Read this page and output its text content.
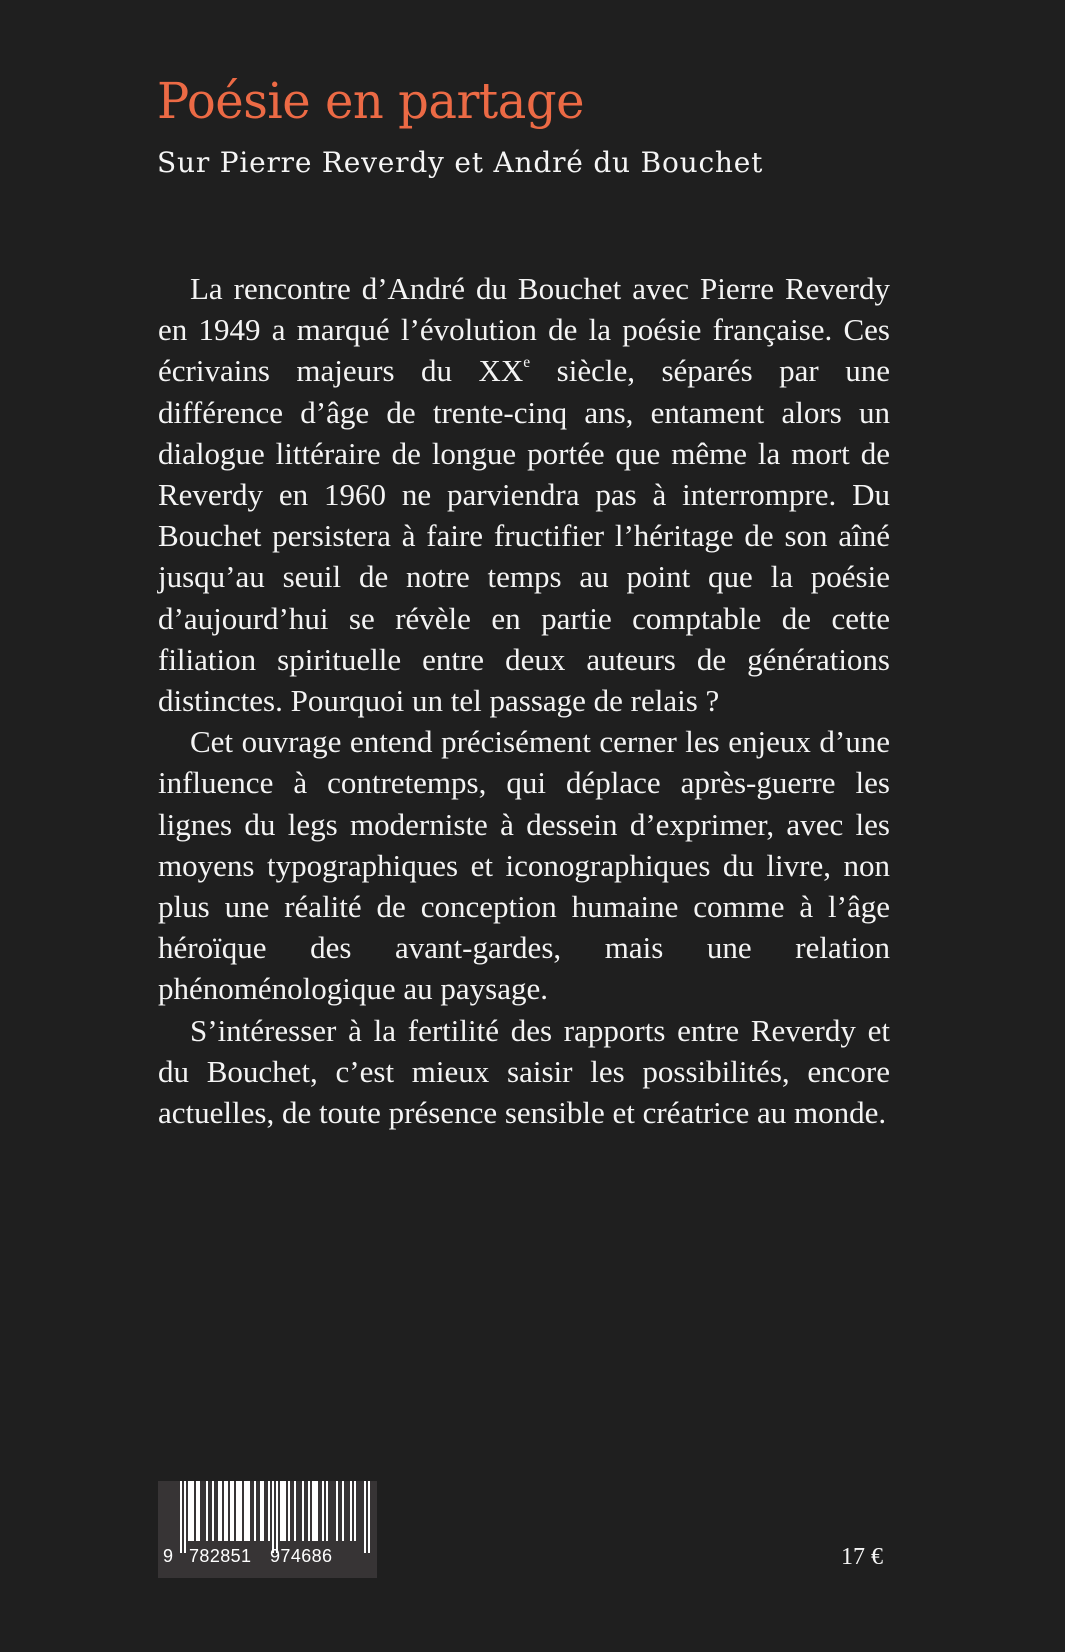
Poésie en partage
Sur Pierre Reverdy et André du Bouchet

La rencontre d’André du Bouchet avec Pierre Reverdy en 1949 a marqué l’évolution de la poésie française. Ces écrivains majeurs du XXe siècle, séparés par une différence d’âge de trente-cinq ans, entament alors un dialogue littéraire de longue portée que même la mort de Reverdy en 1960 ne parviendra pas à interrompre. Du Bouchet persistera à faire fructifier l’héritage de son aîné jusqu’au seuil de notre temps au point que la poésie d’aujourd’hui se révèle en partie comptable de cette filiation spirituelle entre deux auteurs de générations distinctes. Pourquoi un tel passage de relais ?

Cet ouvrage entend précisément cerner les enjeux d’une influence à contretemps, qui déplace après-guerre les lignes du legs moderniste à dessein d’exprimer, avec les moyens typographiques et iconographiques du livre, non plus une réalité de conception humaine comme à l’âge héroïque des avant-gardes, mais une relation phénoménologique au paysage.

S’intéresser à la fertilité des rapports entre Reverdy et du Bouchet, c’est mieux saisir les possibilités, encore actuelles, de toute présence sensible et créatrice au monde.

9 782851 974686	17 €
